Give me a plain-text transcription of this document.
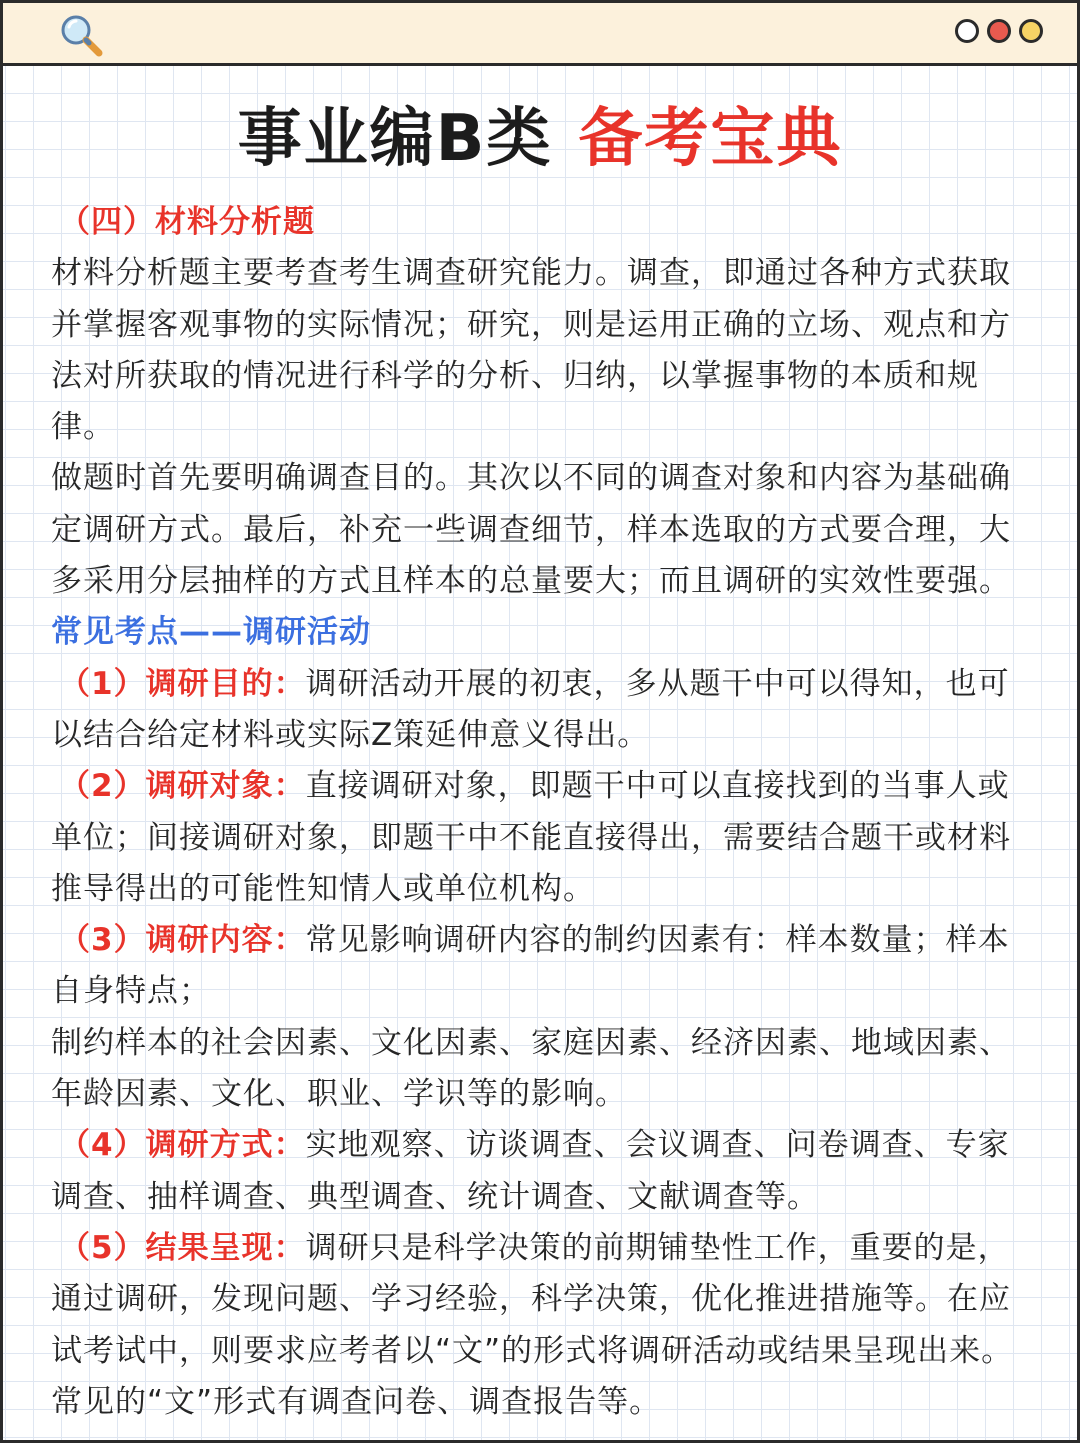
事业编B类 备考宝典

（四）材料分析题

材料分析题主要考查考生调查研究能力。调查，即通过各种方式获取并掌握客观事物的实际情况；研究，则是运用正确的立场、观点和方法对所获取的情况进行科学的分析、归纳，以掌握事物的本质和规律。

做题时首先要明确调查目的。其次以不同的调查对象和内容为基础确定调研方式。最后，补充一些调查细节，样本选取的方式要合理，大多采用分层抽样的方式且样本的总量要大；而且调研的实效性要强。

常见考点——调研活动

（1）调研目的：调研活动开展的初衷，多从题干中可以得知，也可以结合给定材料或实际Z策延伸意义得出。

（2）调研对象：直接调研对象，即题干中可以直接找到的当事人或单位；间接调研对象，即题干中不能直接得出，需要结合题干或材料推导得出的可能性知情人或单位机构。

（3）调研内容：常见影响调研内容的制约因素有：样本数量；样本自身特点；

制约样本的社会因素、文化因素、家庭因素、经济因素、地域因素、年龄因素、文化、职业、学识等的影响。

（4）调研方式：实地观察、访谈调查、会议调查、问卷调查、专家调查、抽样调查、典型调查、统计调查、文献调查等。

（5）结果呈现：调研只是科学决策的前期铺垫性工作，重要的是，通过调研，发现问题、学习经验，科学决策，优化推进措施等。在应试考试中，则要求应考者以“文”的形式将调研活动或结果呈现出来。常见的“文”形式有调查问卷、调查报告等。
